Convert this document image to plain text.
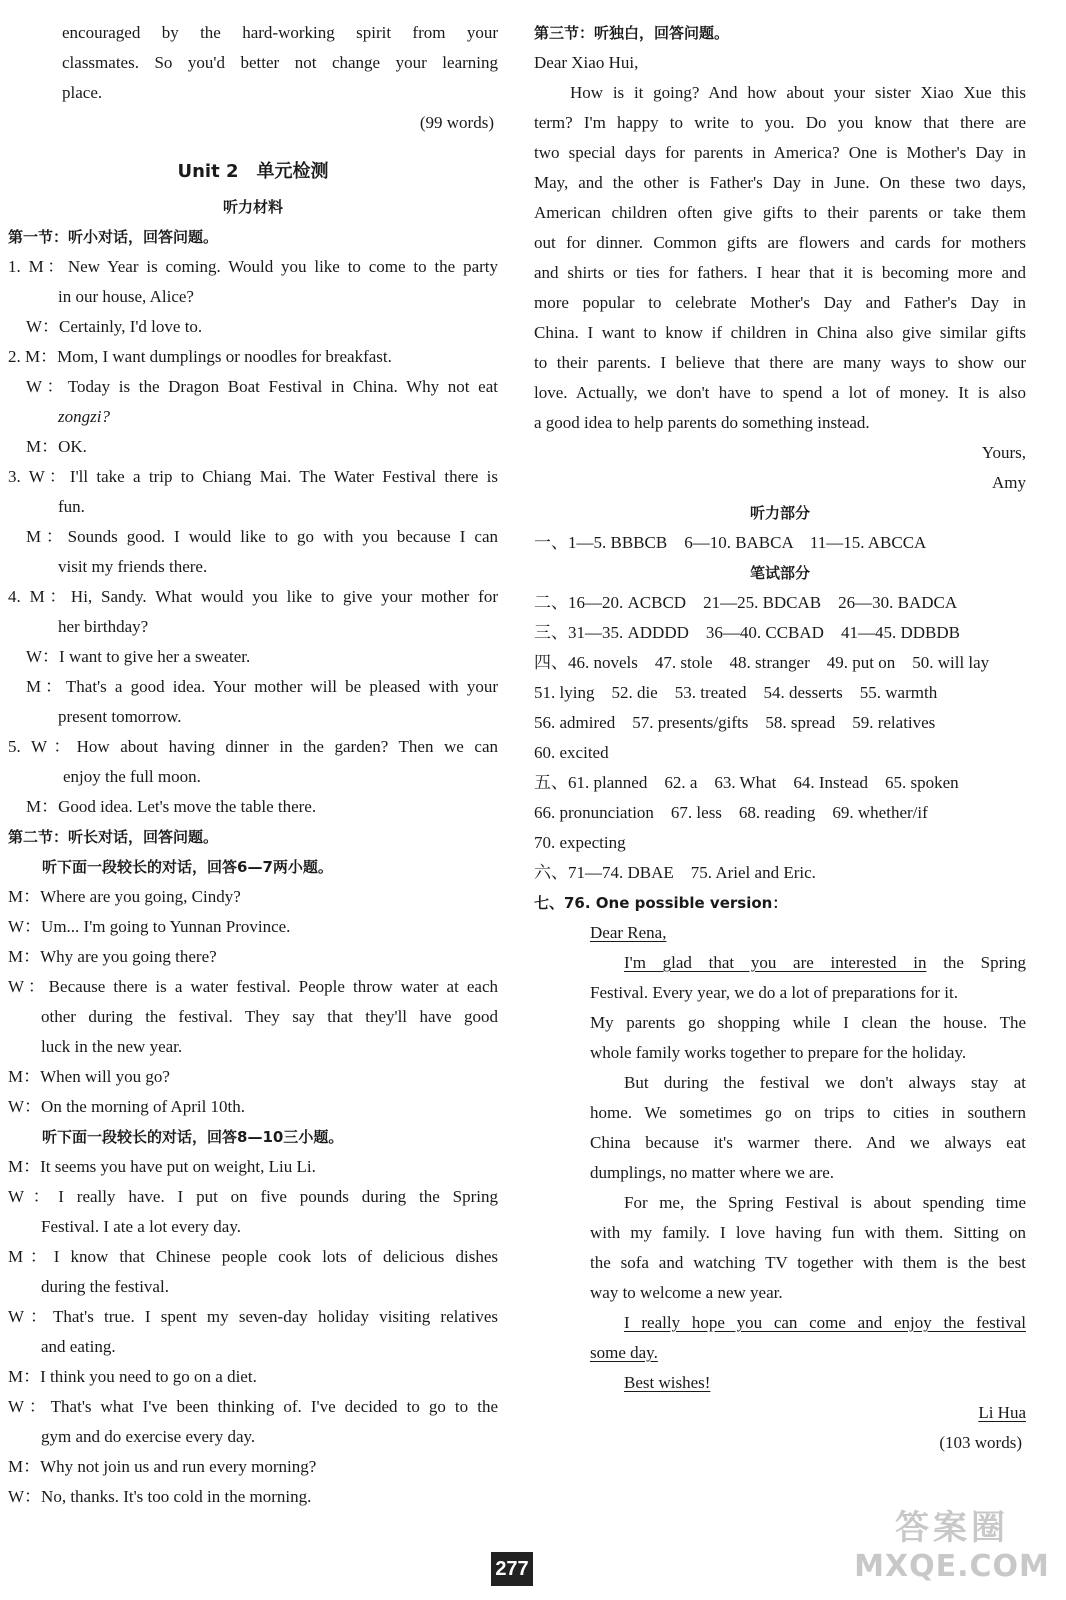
encouraged by the hard-working spirit from your
classmates. So you'd better not change your learning
place.
(99 words)
Unit 2　单元检测
听力材料
第一节：听小对话，回答问题。
1. M：New Year is coming. Would you like to come to the party
in our house, Alice?
W：Certainly, I'd love to.
2. M：Mom, I want dumplings or noodles for breakfast.
W：Today is the Dragon Boat Festival in China. Why not eat
zongzi?
M：OK.
3. W：I'll take a trip to Chiang Mai. The Water Festival there is
fun.
M：Sounds good. I would like to go with you because I can
visit my friends there.
4. M：Hi, Sandy. What would you like to give your mother for
her birthday?
W：I want to give her a sweater.
M：That's a good idea. Your mother will be pleased with your
present tomorrow.
5. W：How about having dinner in the garden? Then we can
enjoy the full moon.
M：Good idea. Let's move the table there.
第二节：听长对话，回答问题。
听下面一段较长的对话，回答6—7两小题。
M：Where are you going, Cindy?
W：Um... I'm going to Yunnan Province.
M：Why are you going there?
W：Because there is a water festival. People throw water at each
other during the festival. They say that they'll have good
luck in the new year.
M：When will you go?
W：On the morning of April 10th.
听下面一段较长的对话，回答8—10三小题。
M：It seems you have put on weight, Liu Li.
W：I really have. I put on five pounds during the Spring
Festival. I ate a lot every day.
M：I know that Chinese people cook lots of delicious dishes
during the festival.
W：That's true. I spent my seven-day holiday visiting relatives
and eating.
M：I think you need to go on a diet.
W：That's what I've been thinking of. I've decided to go to the
gym and do exercise every day.
M：Why not join us and run every morning?
W：No, thanks. It's too cold in the morning.
第三节：听独白，回答问题。
Dear Xiao Hui,
How is it going? And how about your sister Xiao Xue this
term? I'm happy to write to you. Do you know that there are
two special days for parents in America? One is Mother's Day in
May, and the other is Father's Day in June. On these two days,
American children often give gifts to their parents or take them
out for dinner. Common gifts are flowers and cards for mothers
and shirts or ties for fathers. I hear that it is becoming more and
more popular to celebrate Mother's Day and Father's Day in
China. I want to know if children in China also give similar gifts
to their parents. I believe that there are many ways to show our
love. Actually, we don't have to spend a lot of money. It is also
a good idea to help parents do something instead.
Yours,
Amy
听力部分
一、1—5. BBBCB　6—10. BABCA　11—15. ABCCA
笔试部分
二、16—20. ACBCD　21—25. BDCAB　26—30. BADCA
三、31—35. ADDDD　36—40. CCBAD　41—45. DDBDB
四、46. novels　47. stole　48. stranger　49. put on　50. will lay
51. lying　52. die　53. treated　54. desserts　55. warmth
56. admired　57. presents/gifts　58. spread　59. relatives
60. excited
五、61. planned　62. a　63. What　64. Instead　65. spoken
66. pronunciation　67. less　68. reading　69. whether/if
70. expecting
六、71—74. DBAE　75. Ariel and Eric.
七、76. One possible version：
Dear Rena,
I'm glad that you are interested in the Spring
Festival. Every year, we do a lot of preparations for it.
My parents go shopping while I clean the house. The
whole family works together to prepare for the holiday.
But during the festival we don't always stay at
home. We sometimes go on trips to cities in southern
China because it's warmer there. And we always eat
dumplings, no matter where we are.
For me, the Spring Festival is about spending time
with my family. I love having fun with them. Sitting on
the sofa and watching TV together with them is the best
way to welcome a new year.
I really hope you can come and enjoy the festival
some day.
Best wishes!
Li Hua
(103 words)
277
答案圈
MXQE.COM
